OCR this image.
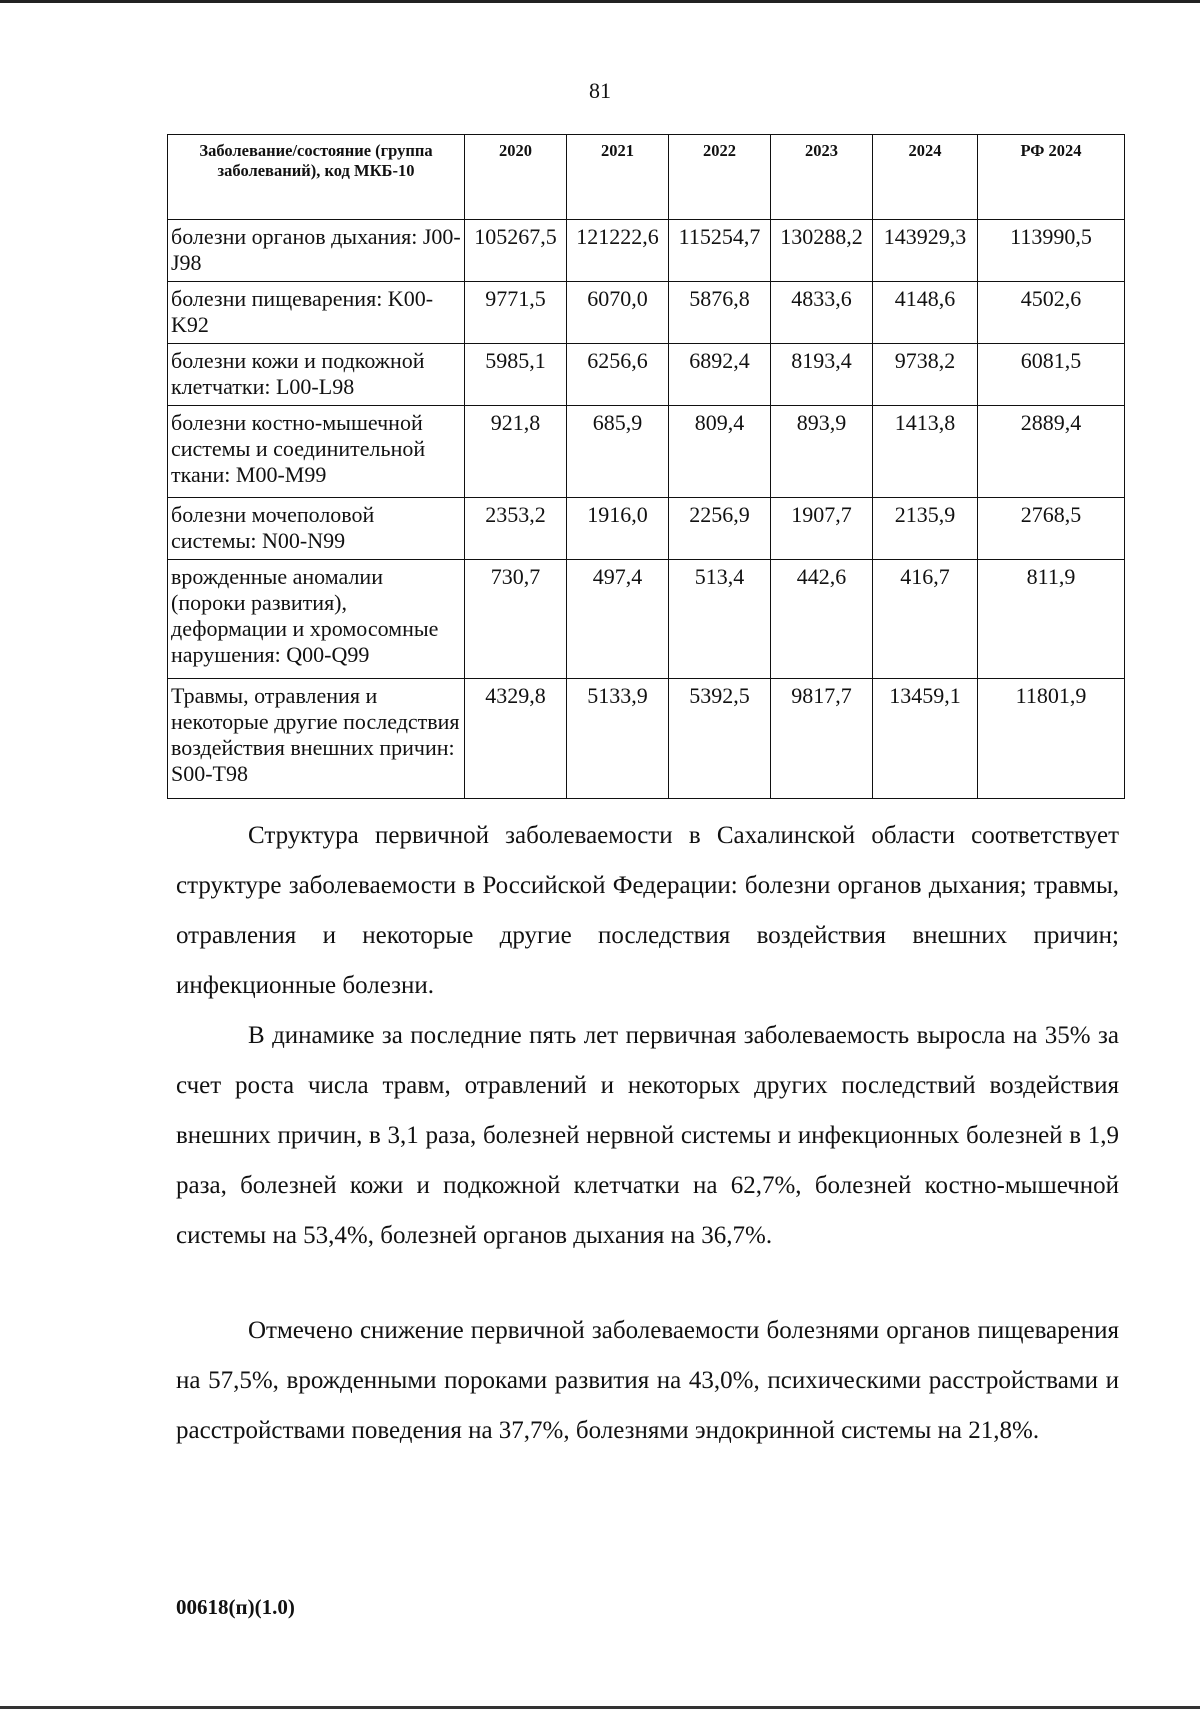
81
Заболевание/состояние (группа заболеваний), код МКБ-10	2020	2021	2022	2023	2024	РФ 2024
болезни органов дыхания: J00-J98	105267,5	121222,6	115254,7	130288,2	143929,3	113990,5
болезни пищеварения: K00-K92	9771,5	6070,0	5876,8	4833,6	4148,6	4502,6
болезни кожи и подкожной клетчатки: L00-L98	5985,1	6256,6	6892,4	8193,4	9738,2	6081,5
болезни костно-мышечной системы и соединительной ткани: M00-M99	921,8	685,9	809,4	893,9	1413,8	2889,4
болезни мочеполовой системы: N00-N99	2353,2	1916,0	2256,9	1907,7	2135,9	2768,5
врожденные аномалии (пороки развития), деформации и хромосомные нарушения: Q00-Q99	730,7	497,4	513,4	442,6	416,7	811,9
Травмы, отравления и некоторые другие последствия воздействия внешних причин: S00-T98	4329,8	5133,9	5392,5	9817,7	13459,1	11801,9

Структура первичной заболеваемости в Сахалинской области соответствует структуре заболеваемости в Российской Федерации: болезни органов дыхания; травмы, отравления и некоторые другие последствия воздействия внешних причин; инфекционные болезни.

В динамике за последние пять лет первичная заболеваемость выросла на 35% за счет роста числа травм, отравлений и некоторых других последствий воздействия внешних причин, в 3,1 раза, болезней нервной системы и инфекционных болезней в 1,9 раза, болезней кожи и подкожной клетчатки на 62,7%, болезней костно-мышечной системы на 53,4%, болезней органов дыхания на 36,7%.

Отмечено снижение первичной заболеваемости болезнями органов пищеварения на 57,5%, врожденными пороками развития на 43,0%, психическими расстройствами и расстройствами поведения на 37,7%, болезнями эндокринной системы на 21,8%.

00618(п)(1.0)
